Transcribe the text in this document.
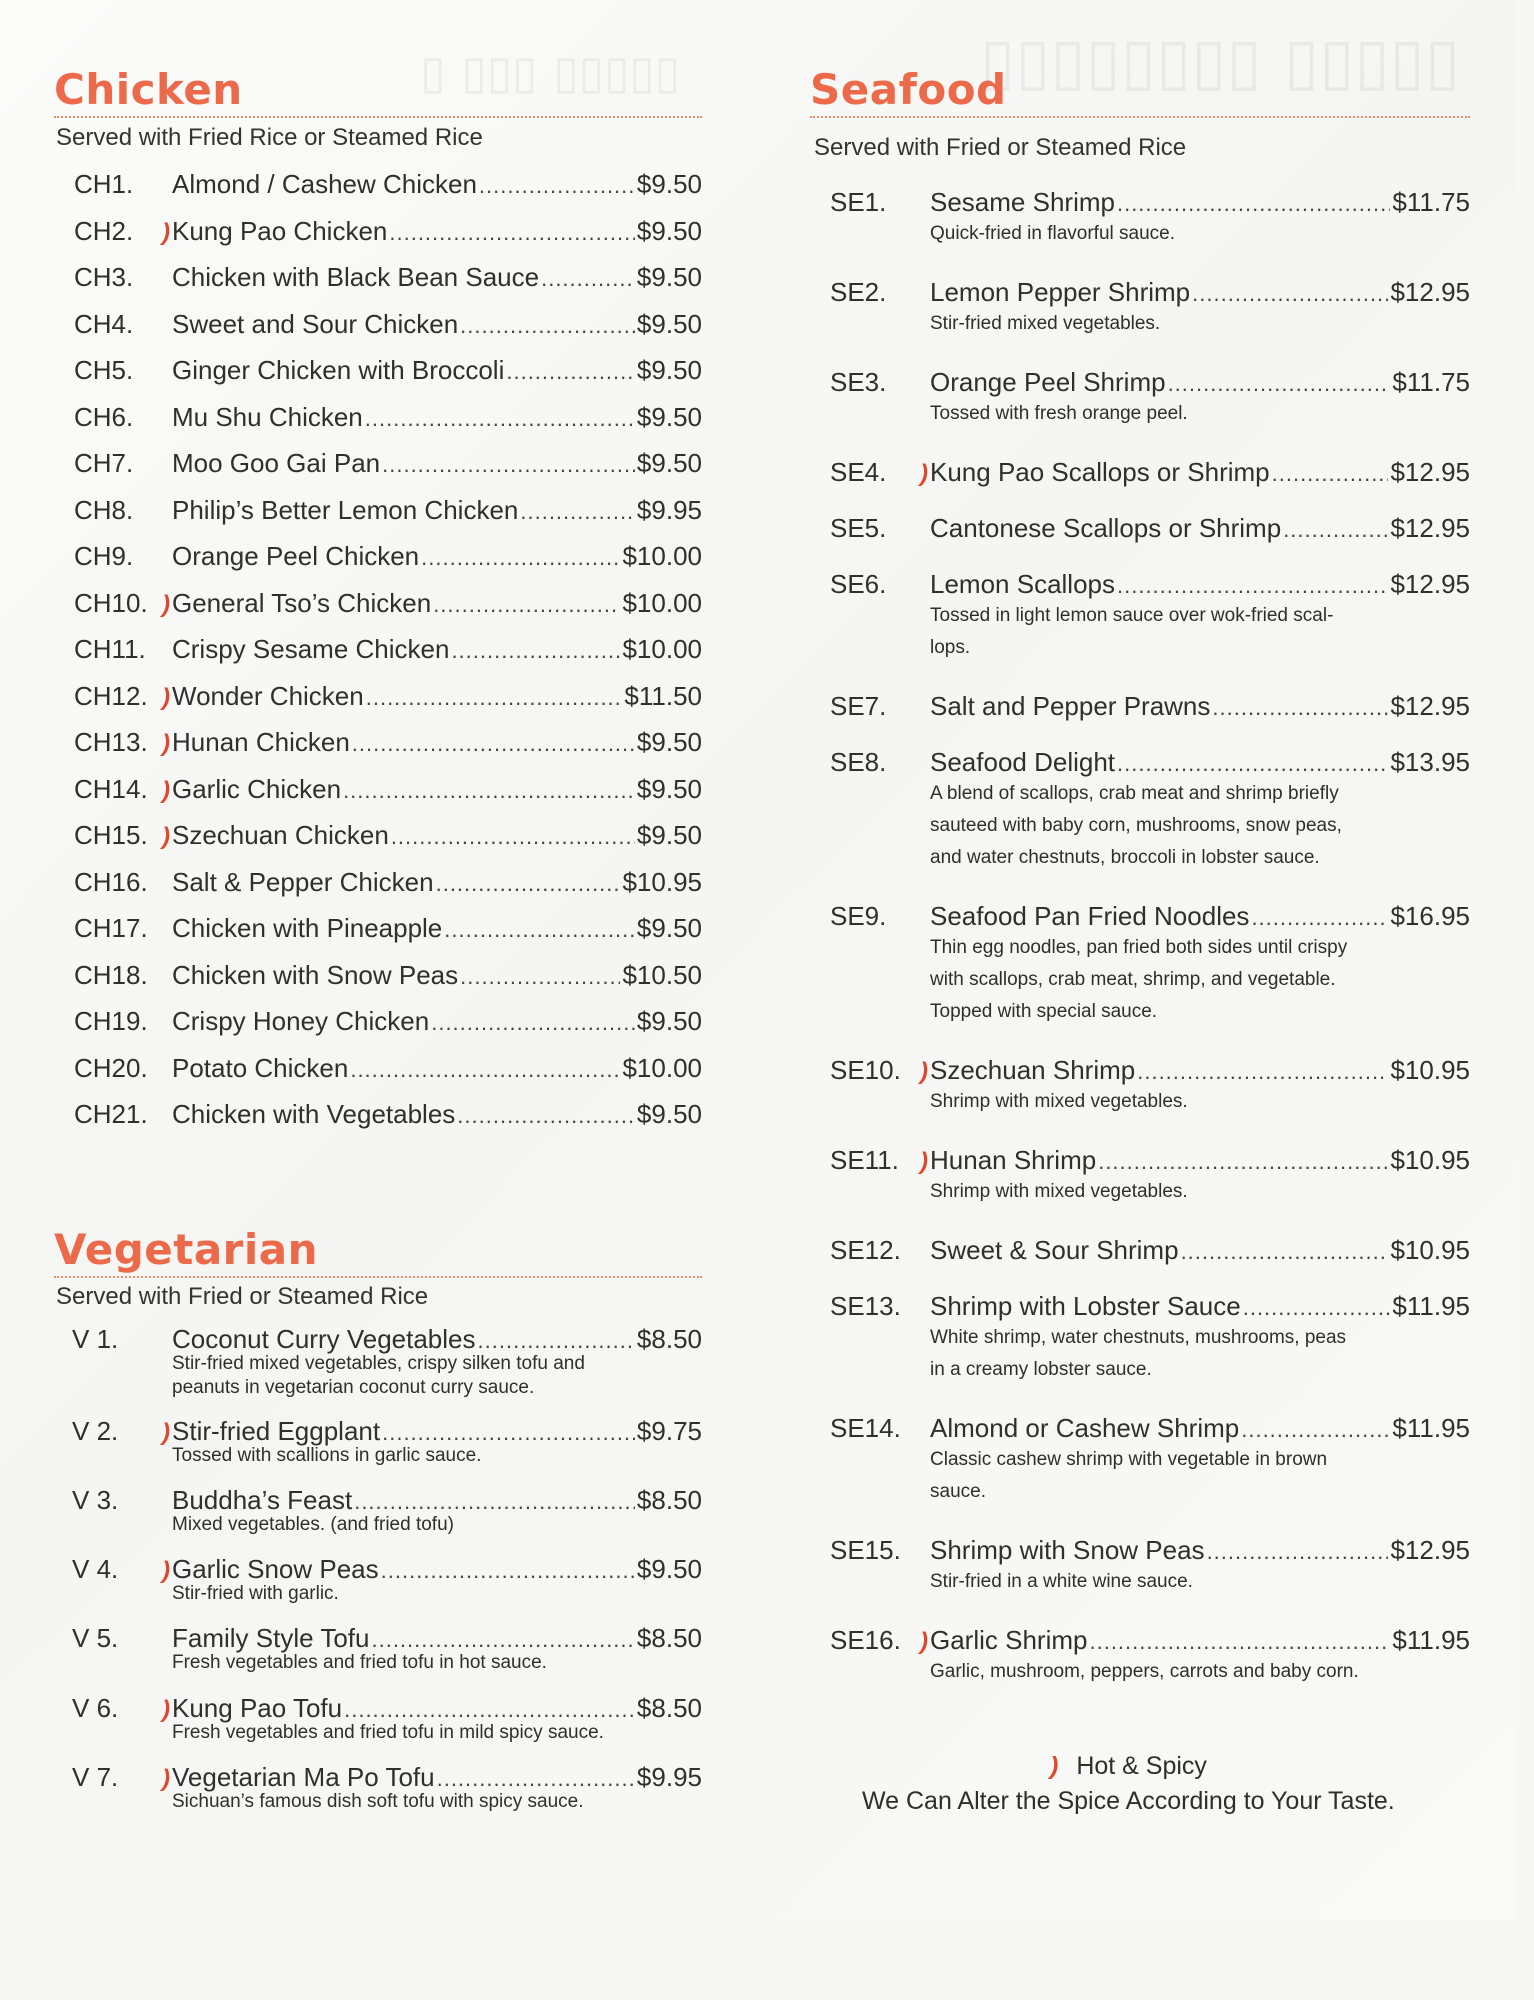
▯▯▯▯▯ ▯▯▯▯▯▯▯▯
▯▯▯▯▯ ▯▯▯ ▯
Chicken
Served with Fried Rice or Steamed Rice
CH1.	Almond / Cashew Chicken .....	$9.50
CH2. ) Kung Pao Chicken .....	$9.50
CH3.	Chicken with Black Bean Sauce .....	$9.50
CH4.	Sweet and Sour Chicken .....	$9.50
CH5.	Ginger Chicken with Broccoli .....	$9.50
CH6.	Mu Shu Chicken .....	$9.50
CH7.	Moo Goo Gai Pan .....	$9.50
CH8.	Philip’s Better Lemon Chicken .....	$9.95
CH9.	Orange Peel Chicken .....	$10.00
CH10. ) General Tso’s Chicken .....	$10.00
CH11.	Crispy Sesame Chicken .....	$10.00
CH12. ) Wonder Chicken .....	$11.50
CH13. ) Hunan Chicken .....	$9.50
CH14. ) Garlic Chicken .....	$9.50
CH15. ) Szechuan Chicken .....	$9.50
CH16. Salt & Pepper Chicken .....	$10.95
CH17. Chicken with Pineapple .....	$9.50
CH18. Chicken with Snow Peas .....	$10.50
CH19. Crispy Honey Chicken .....	$9.50
CH20. Potato Chicken .....	$10.00
CH21. Chicken with Vegetables .....	$9.50
Vegetarian
Served with Fried or Steamed Rice
V 1.	Coconut Curry Vegetables .....	$8.50
Stir-fried mixed vegetables, crispy silken tofu and peanuts in vegetarian coconut curry sauce.
V 2. ) Stir-fried Eggplant .....	$9.75
Tossed with scallions in garlic sauce.
V 3.	Buddha’s Feast .....	$8.50
Mixed vegetables. (and fried tofu)
V 4. ) Garlic Snow Peas .....	$9.50
Stir-fried with garlic.
V 5.	Family Style Tofu .....	$8.50
Fresh vegetables and fried tofu in hot sauce.
V 6. ) Kung Pao Tofu .....	$8.50
Fresh vegetables and fried tofu in mild spicy sauce.
V 7. ) Vegetarian Ma Po Tofu .....	$9.95
Sichuan’s famous dish soft tofu with spicy sauce.
Seafood
Served with Fried or Steamed Rice
SE1.	Sesame Shrimp .....	$11.75
Quick-fried in flavorful sauce.
SE2.	Lemon Pepper Shrimp .....	$12.95
Stir-fried mixed vegetables.
SE3.	Orange Peel Shrimp .....	$11.75
Tossed with fresh orange peel.
SE4. ) Kung Pao Scallops or Shrimp .....	$12.95
SE5.	Cantonese Scallops or Shrimp .....	$12.95
SE6.	Lemon Scallops .....	$12.95
Tossed in light lemon sauce over wok-fried scal-
lops.
SE7.	Salt and Pepper Prawns .....	$12.95
SE8.	Seafood Delight .....	$13.95
A blend of scallops, crab meat and shrimp briefly
sauteed with baby corn, mushrooms, snow peas,
and water chestnuts, broccoli in lobster sauce.
SE9.	Seafood Pan Fried Noodles .....	$16.95
Thin egg noodles, pan fried both sides until crispy
with scallops, crab meat, shrimp, and vegetable.
Topped with special sauce.
SE10. ) Szechuan Shrimp .....	$10.95
Shrimp with mixed vegetables.
SE11. ) Hunan Shrimp .....	$10.95
Shrimp with mixed vegetables.
SE12.	Sweet & Sour Shrimp .....	$10.95
SE13.	Shrimp with Lobster Sauce .....	$11.95
White shrimp, water chestnuts, mushrooms, peas
in a creamy lobster sauce.
SE14.	Almond or Cashew Shrimp .....	$11.95
Classic cashew shrimp with vegetable in brown
sauce.
SE15.	Shrimp with Snow Peas .....	$12.95
Stir-fried in a white wine sauce.
SE16. ) Garlic Shrimp .....	$11.95
Garlic, mushroom, peppers, carrots and baby corn.
) Hot & Spicy
We Can Alter the Spice According to Your Taste.
